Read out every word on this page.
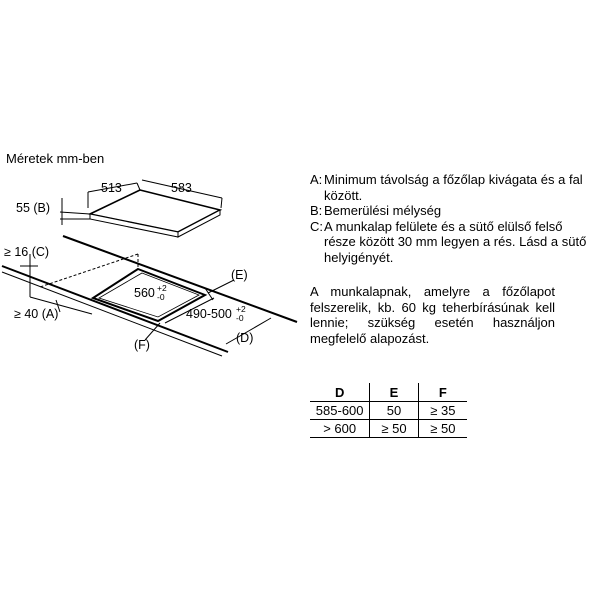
Méretek mm-ben
513	583
55 (B)
≥ 16 (C)
≥ 40 (A)
560 +2
-0
490-500 +2
-0
(E)
(D)
(F)
A: Minimum távolság a főzőlap kivágata és a fal között.
B: Bemerülési mélység
C: A munkalap felülete és a sütő elülső felső része között 30 mm legyen a rés. Lásd a sütő helyigényét.
A munkalapnak, amelyre a főzőlapot felszerelik, kb. 60 kg teherbírásúnak kell lennie; szükség esetén használjon megfelelő alapozást.
D	E	F
585-600	50	≥ 35
> 600	≥ 50	≥ 50
